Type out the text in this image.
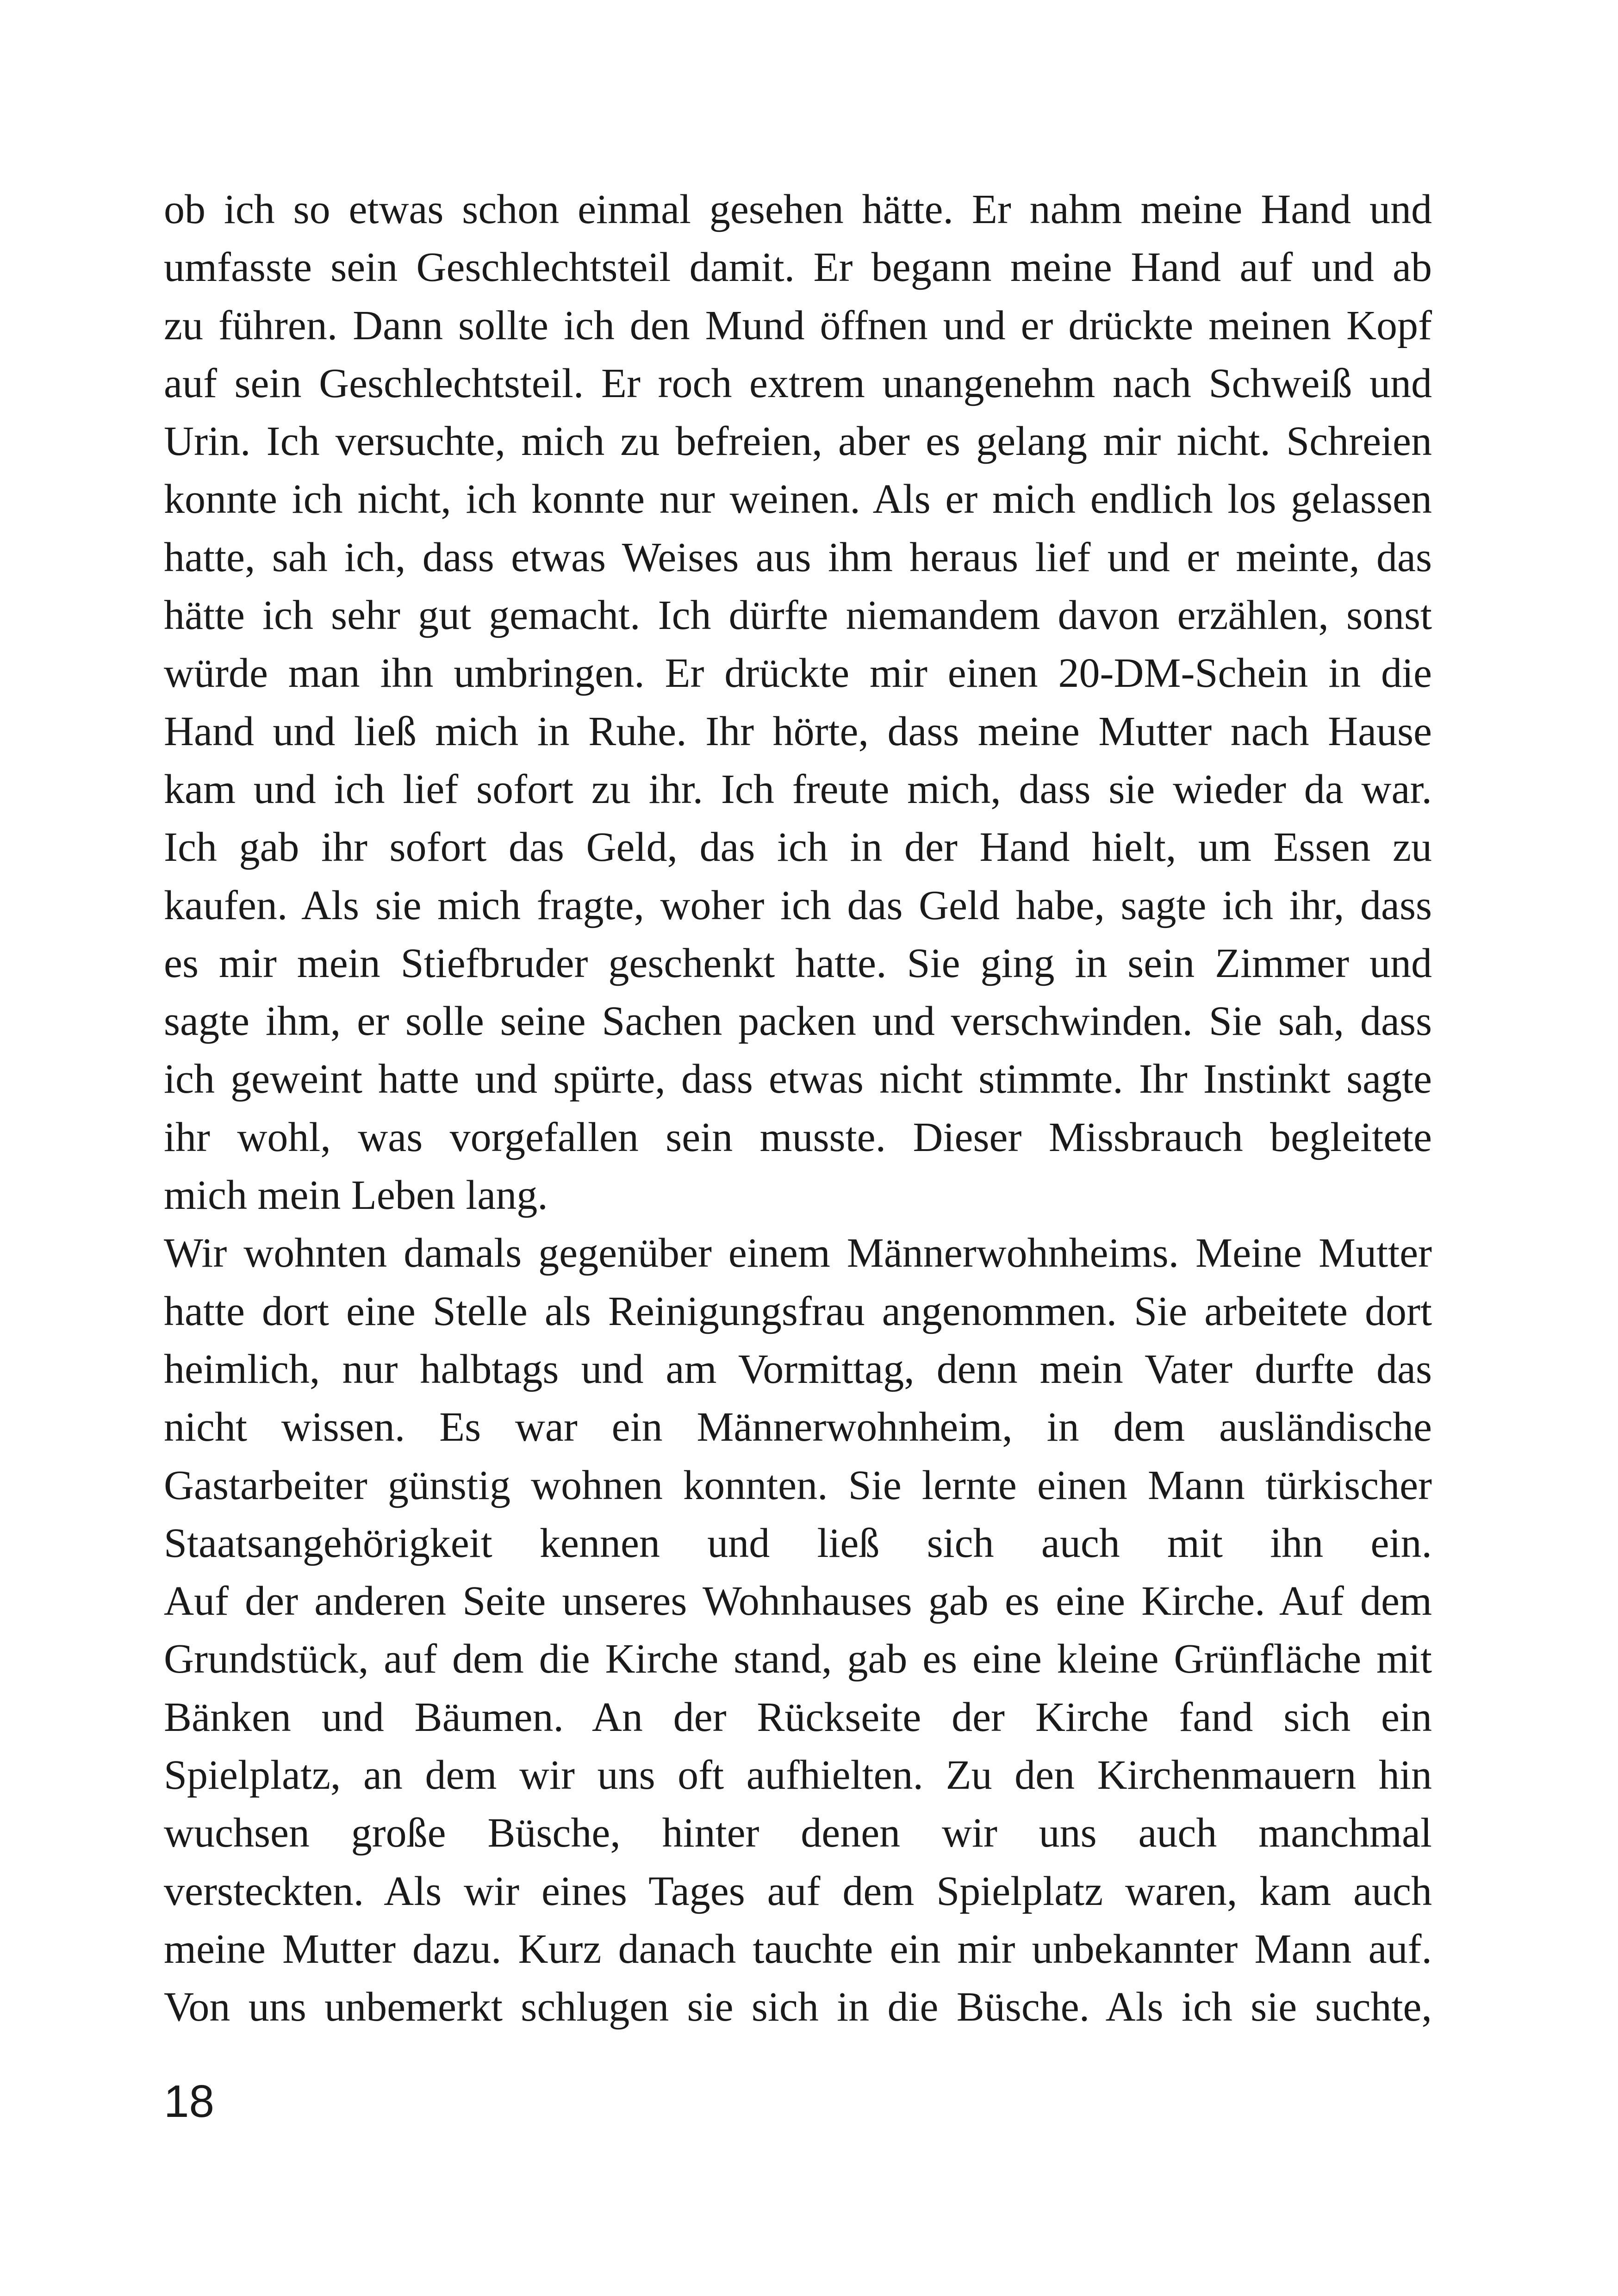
ob ich so etwas schon einmal gesehen hätte. Er nahm meine Hand und
umfasste sein Geschlechtsteil damit. Er begann meine Hand auf und ab
zu führen. Dann sollte ich den Mund öffnen und er drückte meinen Kopf
auf sein Geschlechtsteil. Er roch extrem unangenehm nach Schweiß und
Urin. Ich versuchte, mich zu befreien, aber es gelang mir nicht. Schreien
konnte ich nicht, ich konnte nur weinen. Als er mich endlich los gelassen
hatte, sah ich, dass etwas Weises aus ihm heraus lief und er meinte, das
hätte ich sehr gut gemacht. Ich dürfte niemandem davon erzählen, sonst
würde man ihn umbringen. Er drückte mir einen 20-DM-Schein in die
Hand und ließ mich in Ruhe. Ihr hörte, dass meine Mutter nach Hause
kam und ich lief sofort zu ihr. Ich freute mich, dass sie wieder da war.
Ich gab ihr sofort das Geld, das ich in der Hand hielt, um Essen zu
kaufen. Als sie mich fragte, woher ich das Geld habe, sagte ich ihr, dass
es mir mein Stiefbruder geschenkt hatte. Sie ging in sein Zimmer und
sagte ihm, er solle seine Sachen packen und verschwinden. Sie sah, dass
ich geweint hatte und spürte, dass etwas nicht stimmte. Ihr Instinkt sagte
ihr wohl, was vorgefallen sein musste. Dieser Missbrauch begleitete
mich mein Leben lang.
Wir wohnten damals gegenüber einem Männerwohnheims. Meine Mutter
hatte dort eine Stelle als Reinigungsfrau angenommen. Sie arbeitete dort
heimlich, nur halbtags und am Vormittag, denn mein Vater durfte das
nicht wissen. Es war ein Männerwohnheim, in dem ausländische
Gastarbeiter günstig wohnen konnten. Sie lernte einen Mann türkischer
Staatsangehörigkeit kennen und ließ sich auch mit ihn ein.
Auf der anderen Seite unseres Wohnhauses gab es eine Kirche. Auf dem
Grundstück, auf dem die Kirche stand, gab es eine kleine Grünfläche mit
Bänken und Bäumen. An der Rückseite der Kirche fand sich ein
Spielplatz, an dem wir uns oft aufhielten. Zu den Kirchenmauern hin
wuchsen große Büsche, hinter denen wir uns auch manchmal
versteckten. Als wir eines Tages auf dem Spielplatz waren, kam auch
meine Mutter dazu. Kurz danach tauchte ein mir unbekannter Mann auf.
Von uns unbemerkt schlugen sie sich in die Büsche. Als ich sie suchte,
18
